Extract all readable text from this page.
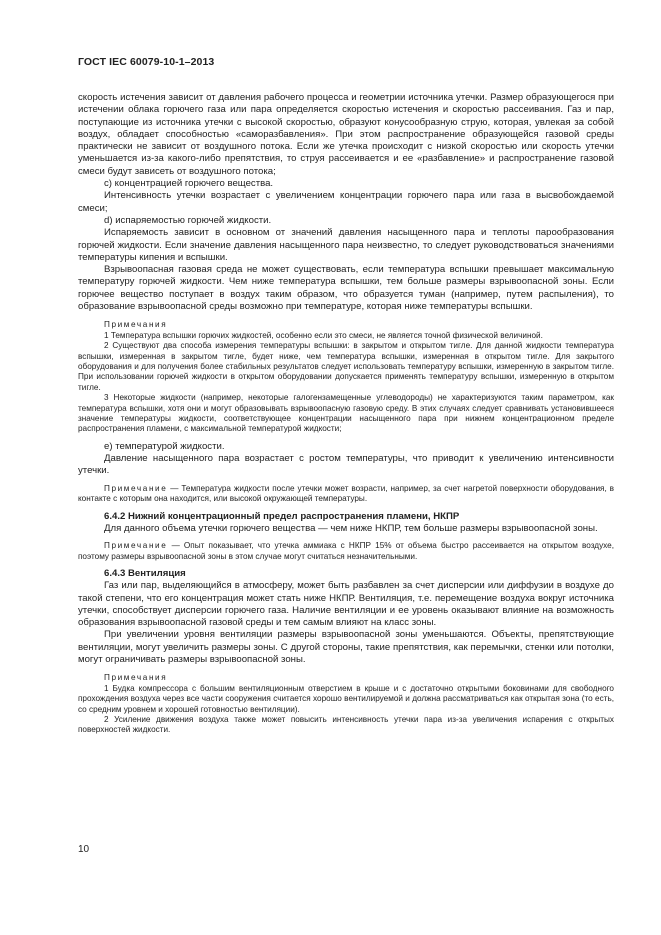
ГОСТ IEC 60079-10-1–2013

скорость истечения зависит от давления рабочего процесса и геометрии источника утечки. Размер образующегося при истечении облака горючего газа или пара определяется скоростью истечения и скоростью рассеивания. Газ и пар, поступающие из источника утечки с высокой скоростью, образуют конусообразную струю, которая, увлекая за собой воздух, обладает способностью «саморазбавления». При этом распространение образующейся газовой среды практически не зависит от воздушного потока. Если же утечка происходит с низкой скоростью или скорость утечки уменьшается из-за какого-либо препятствия, то струя рассеивается и ее «разбавление» и распространение газовой смеси будут зависеть от воздушного потока;

c) концентрацией горючего вещества.

Интенсивность утечки возрастает с увеличением концентрации горючего пара или газа в высвобождаемой смеси;

d) испаряемостью горючей жидкости.

Испаряемость зависит в основном от значений давления насыщенного пара и теплоты парообразования горючей жидкости. Если значение давления насыщенного пара неизвестно, то следует руководствоваться значениями температуры кипения и вспышки.

Взрывоопасная газовая среда не может существовать, если температура вспышки превышает максимальную температуру горючей жидкости. Чем ниже температура вспышки, тем больше размеры взрывоопасной зоны. Если горючее вещество поступает в воздух таким образом, что образуется туман (например, путем распыления), то образование взрывоопасной среды возможно при температуре, которая ниже температуры вспышки.

Примечания

1 Температура вспышки горючих жидкостей, особенно если это смеси, не является точной физической величиной.

2 Существуют два способа измерения температуры вспышки: в закрытом и открытом тигле. Для данной жидкости температура вспышки, измеренная в закрытом тигле, будет ниже, чем температура вспышки, измеренная в открытом тигле. Для закрытого оборудования и для получения более стабильных результатов следует использовать температуру вспышки, измеренную в закрытом тигле. При использовании горючей жидкости в открытом оборудовании допускается применять температуру вспышки, измеренную в открытом тигле.

3 Некоторые жидкости (например, некоторые галогензамещенные углеводороды) не характеризуются таким параметром, как температура вспышки, хотя они и могут образовывать взрывоопасную газовую среду. В этих случаях следует сравнивать установившееся значение температуры жидкости, соответствующее концентрации насыщенного пара при нижнем концентрационном пределе распространения пламени, с максимальной температурой жидкости;

e) температурой жидкости.

Давление насыщенного пара возрастает с ростом температуры, что приводит к увеличению интенсивности утечки.

Примечание — Температура жидкости после утечки может возрасти, например, за счет нагретой поверхности оборудования, в контакте с которым она находится, или высокой окружающей температуры.

6.4.2 Нижний концентрационный предел распространения пламени, НКПР

Для данного объема утечки горючего вещества — чем ниже НКПР, тем больше размеры взрывоопасной зоны.

Примечание — Опыт показывает, что утечка аммиака с НКПР 15% от объема быстро рассеивается на открытом воздухе, поэтому размеры взрывоопасной зоны в этом случае могут считаться незначительными.

6.4.3 Вентиляция

Газ или пар, выделяющийся в атмосферу, может быть разбавлен за счет дисперсии или диффузии в воздухе до такой степени, что его концентрация может стать ниже НКПР. Вентиляция, т.е. перемещение воздуха вокруг источника утечки, способствует дисперсии горючего газа. Наличие вентиляции и ее уровень оказывают влияние на возможность образования взрывоопасной газовой среды и тем самым влияют на класс зоны.

При увеличении уровня вентиляции размеры взрывоопасной зоны уменьшаются. Объекты, препятствующие вентиляции, могут увеличить размеры зоны. С другой стороны, такие препятствия, как перемычки, стенки или потолки, могут ограничивать размеры взрывоопасной зоны.

Примечания

1 Будка компрессора с большим вентиляционным отверстием в крыше и с достаточно открытыми боковинами для свободного прохождения воздуха через все части сооружения считается хорошо вентилируемой и должна рассматриваться как открытая зона (то есть, со средним уровнем и хорошей готовностью вентиляции).

2 Усиление движения воздуха также может повысить интенсивность утечки пара из-за увеличения испарения с открытых поверхностей жидкости.

10
